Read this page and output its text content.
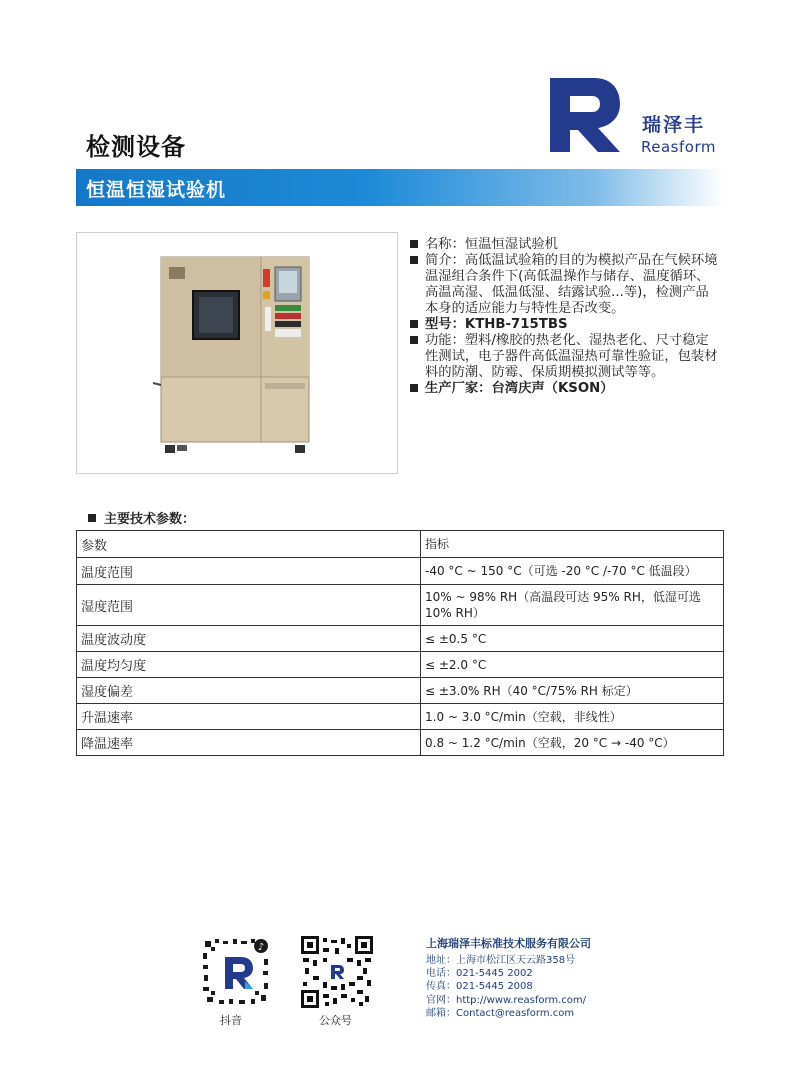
检测设备
瑞泽丰
Reasform
恒温恒湿试验机
名称：恒温恒湿试验机
简介：高低温试验箱的目的为模拟产品在气候环境温湿组合条件下(高低温操作与储存、温度循环、高温高湿、低温低湿、结露试验...等)，检测产品本身的适应能力与特性是否改变。
型号：KTHB-715TBS
功能：塑料/橡胶的热老化、湿热老化、尺寸稳定性测试，电子器件高低温湿热可靠性验证，包装材料的防潮、防霉、保质期模拟测试等等。
生产厂家：台湾庆声（KSON）
主要技术参数：
参数	指标
温度范围	-40 °C ~ 150 °C（可选 -20 °C /-70 °C 低温段）
湿度范围	10% ~ 98% RH（高温段可达 95% RH，低湿可选 10% RH）
温度波动度	≤ ±0.5 °C
温度均匀度	≤ ±2.0 °C
湿度偏差	≤ ±3.0% RH（40 °C/75% RH 标定）
升温速率	1.0 ~ 3.0 °C/min（空载，非线性）
降温速率	0.8 ~ 1.2 °C/min（空载，20 °C → -40 °C）
♪
抖音	公众号
上海瑞泽丰标准技术服务有限公司
地址：上海市松江区天云路358号
电话：021-5445 2002
传真：021-5445 2008
官网：http://www.reasform.com/
邮箱：Contact@reasform.com
